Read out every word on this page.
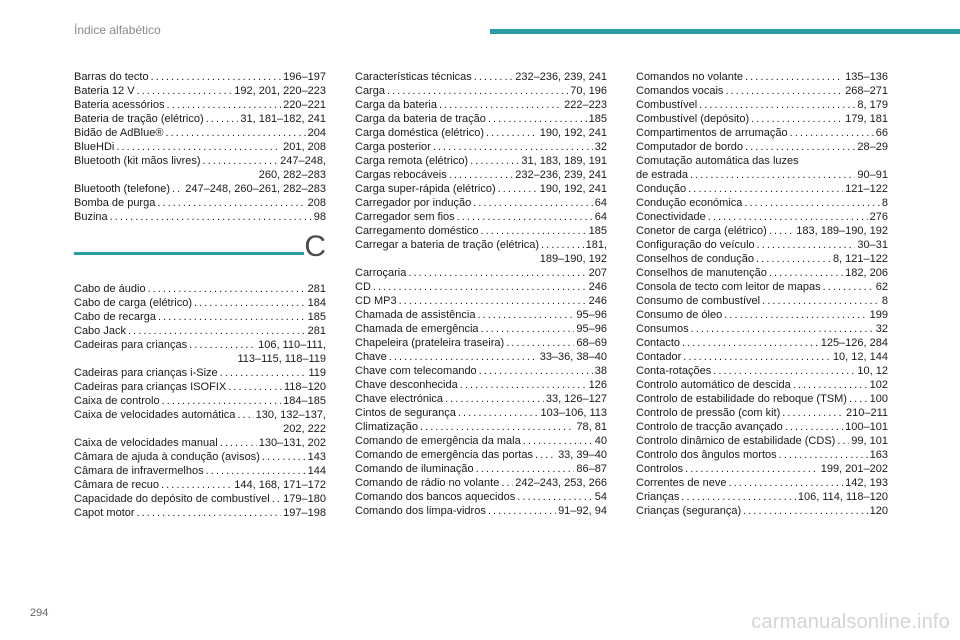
Índice alfabético
Barras do tecto . . .	196–197
Bateria 12 V . . .	192, 201, 220–223
Bateria acessórios . . .	220–221
Bateria de tração (elétrico) . . .	31, 181–182, 241
Bidão de AdBlue® . . .	204
BlueHDi . . .	201, 208
Bluetooth (kit mãos livres) . . .	247–248,
260, 282–283
Bluetooth (telefone) . . . 247–248, 260–261, 282–283
Bomba de purga . . .	208
Buzina . . .	98
C
Cabo de áudio . . .	281
Cabo de carga (elétrico) . . .	184
Cabo de recarga . . .	185
Cabo Jack . . .	281
Cadeiras para crianças . . .	106, 110–111,
113–115, 118–119
Cadeiras para crianças i-Size . . .	119
Cadeiras para crianças ISOFIX . . .	118–120
Caixa de controlo . . .	184–185
Caixa de velocidades automática . . . 130, 132–137,
202, 222
Caixa de velocidades manual . . .	130–131, 202
Câmara de ajuda à condução (avisos) . . .	143
Câmara de infravermelhos . . .	144
Câmara de recuo . . .	144, 168, 171–172
Capacidade do depósito de combustível . . . 179–180
Capot motor . . .	197–198
Características técnicas . . .	232–236, 239, 241
Carga . . .	70, 196
Carga da bateria . . .	222–223
Carga da bateria de tração . . .	185
Carga doméstica (elétrico) . . .	190, 192, 241
Carga posterior . . .	32
Carga remota (elétrico) . . .	31, 183, 189, 191
Cargas rebocáveis . . .	232–236, 239, 241
Carga super-rápida (elétrico) . . .	190, 192, 241
Carregador por indução . . .	64
Carregador sem fios . . .	64
Carregamento doméstico . . .	185
Carregar a bateria de tração (elétrica) . . .	181,
189–190, 192
Carroçaria . . .	207
CD . . .	246
CD MP3 . . .	246
Chamada de assistência . . .	95–96
Chamada de emergência . . .	95–96
Chapeleira (prateleira traseira) . . .	68–69
Chave . . .	33–36, 38–40
Chave com telecomando . . .	38
Chave desconhecida . . .	126
Chave electrónica . . .	33, 126–127
Cintos de segurança . . .	103–106, 113
Climatização . . .	78, 81
Comando de emergência da mala . . .	40
Comando de emergência das portas . . . 33, 39–40
Comando de iluminação . . .	86–87
Comando de rádio no volante . . . 242–243, 253, 266
Comando dos bancos aquecidos . . .	54
Comando dos limpa-vidros . . .	91–92, 94
Comandos no volante . . .	135–136
Comandos vocais . . .	268–271
Combustível . . .	8, 179
Combustível (depósito) . . .	179, 181
Compartimentos de arrumação . . .	66
Computador de bordo . . .	28–29
Comutação automática das luzes
de estrada . . .	90–91
Condução . . .	121–122
Condução económica . . .	8
Conectividade . . .	276
Conetor de carga (elétrico) . . .	183, 189–190, 192
Configuração do veículo . . .	30–31
Conselhos de condução . . .	8, 121–122
Conselhos de manutenção . . .	182, 206
Consola de tecto com leitor de mapas . . .	62
Consumo de combustível . . .	8
Consumo de óleo . . .	199
Consumos . . .	32
Contacto . . .	125–126, 284
Contador . . .	10, 12, 144
Conta-rotações . . .	10, 12
Controlo automático de descida . . .	102
Controlo de estabilidade do reboque (TSM) . . . 100
Controlo de pressão (com kit) . . .	210–211
Controlo de tracção avançado . . .	100–101
Controlo dinâmico de estabilidade (CDS) . . . 99, 101
Controlo dos ângulos mortos . . .	163
Controlos . . .	199, 201–202
Correntes de neve . . .	142, 193
Crianças . . .	106, 114, 118–120
Crianças (segurança) . . .	120
294	carmanualsonline.info
